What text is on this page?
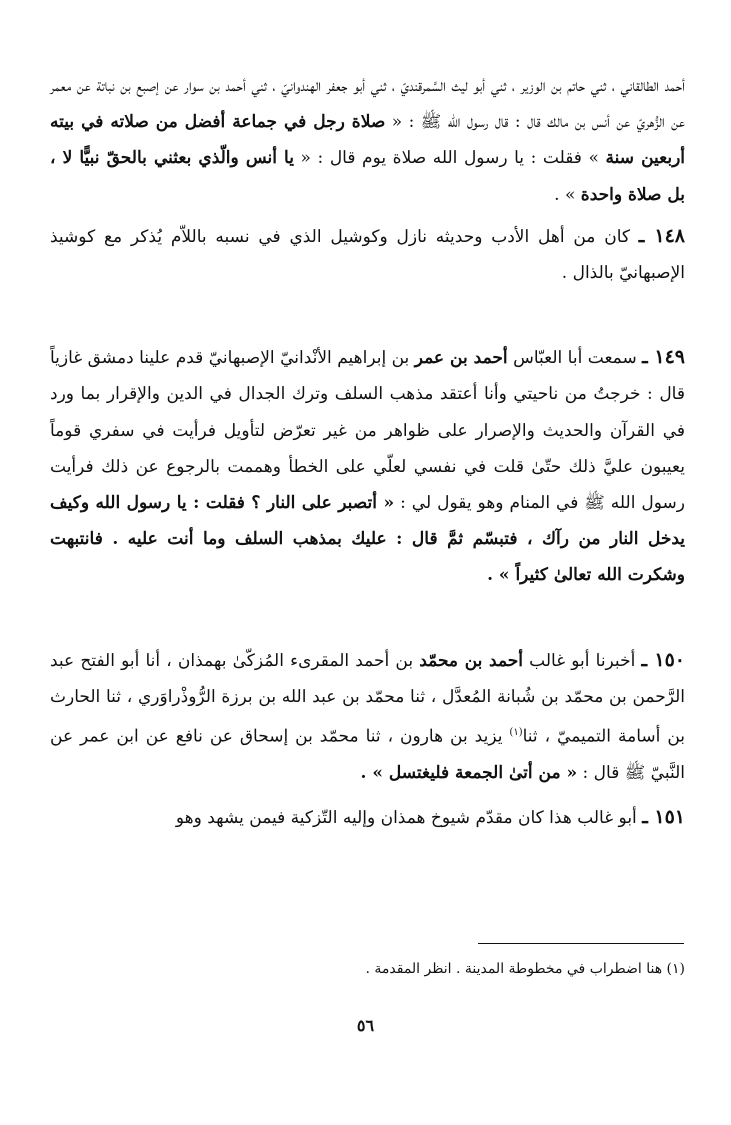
أحمد الطالقاني ، ثني حاتم بن الوزير ، ثني أبو ليث السَّمرقنديّ ، ثني أبو جعفر الهندوانيّ ، ثني أحمد بن سوار عن إصبع بن نباتة عن معمر عن الزُّهريّ عن أنس بن مالك قال : قال رسول الله ﷺ : « صلاة رجل في جماعة أفضل من صلاته في بيته أربعين سنة » فقلت : يا رسول الله صلاة يوم قال : « يا أنس والّذي بعثني بالحقّ نبيًّا لا ، بل صلاة واحدة » .

١٤٨ ـ كان من أهل الأدب وحديثه نازل وكوشيل الذي في نسبه باللاّم يُذكر مع كوشيذ الإصبهانيّ بالذال .

١٤٩ ـ سمعت أبا العبّاس أحمد بن عمر بن إبراهيم الأنْدانيّ الإصبهانيّ قدم علينا دمشق غازياً قال : خرجتُ من ناحيتي وأنا أعتقد مذهب السلف وترك الجدال في الدين والإقرار بما ورد في القرآن والحديث والإصرار على ظواهر من غير تعرّض لتأويل فرأيت في سفري قوماً يعيبون عليَّ ذلك حتّىٰ قلت في نفسي لعلّي على الخطأ وهممت بالرجوع عن ذلك فرأيت رسول الله ﷺ في المنام وهو يقول لي : « أتصبر على النار ؟ فقلت : يا رسول الله وكيف يدخل النار من رآك ، فتبسّم ثمَّ قال : عليك بمذهب السلف وما أنت عليه . فانتبهت وشكرت الله تعالىٰ كثيراً » .

١٥٠ ـ أخبرنا أبو غالب أحمد بن محمّد بن أحمد المقرىء المُزكّىٰ بهمذان ، أنا أبو الفتح عبد الرَّحمن بن محمّد بن شُبانة المُعدَّل ، ثنا محمّد بن عبد الله بن برزة الرُّوذْراوَري ، ثنا الحارث بن أسامة التميميّ ، ثنا$^{(١)}$ يزيد بن هارون ، ثنا محمّد بن إسحاق عن نافع عن ابن عمر عن النَّبيّ ﷺ قال : « من أتىٰ الجمعة فليغتسل » .

١٥١ ـ أبو غالب هذا كان مقدّم شيوخ همذان وإليه التّزكية فيمن يشهد وهو

(١) هنا اضطراب في مخطوطة المدينة . انظر المقدمة .
٥٦
